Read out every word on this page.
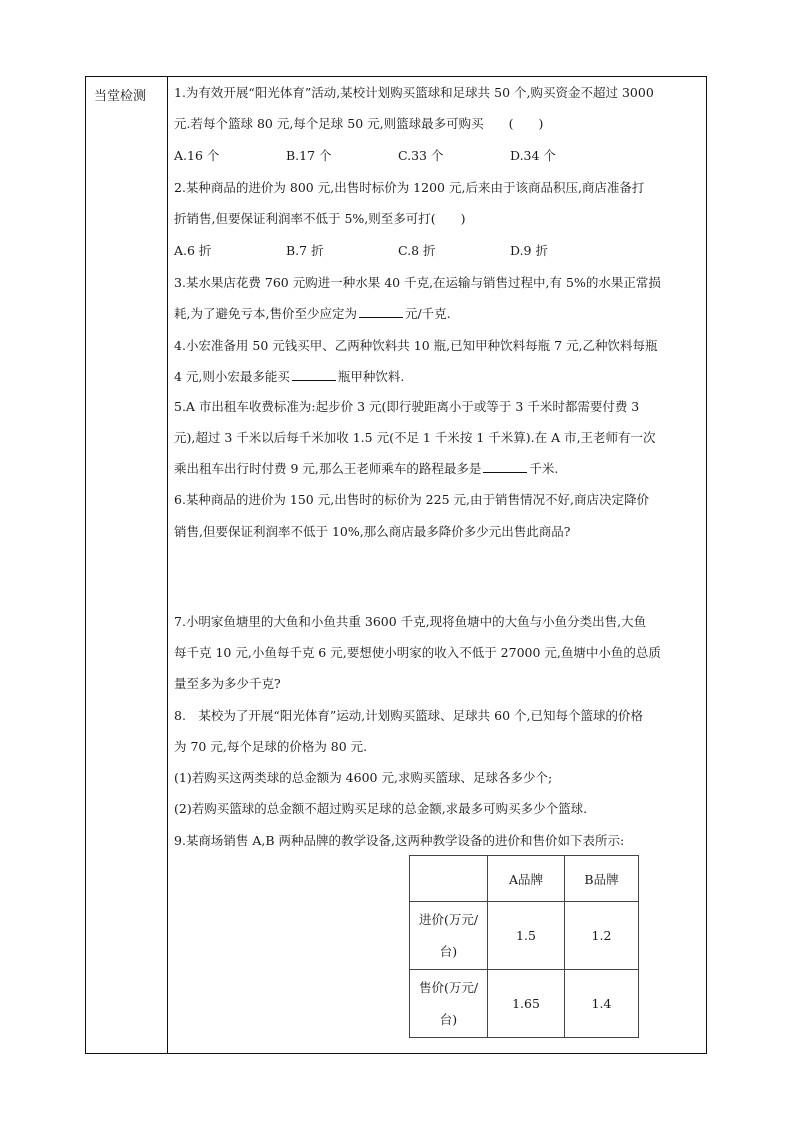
当堂检测 1.为有效开展“阳光体育”活动,某校计划购买篮球和足球共 50 个,购买资金不超过 3000
元.若每个篮球 80 元,每个足球 50 元,则篮球最多可购买　　(　　)
A.16 个	B.17 个	C.33 个	D.34 个
2.某种商品的进价为 800 元,出售时标价为 1200 元,后来由于该商品积压,商店准备打
折销售,但要保证利润率不低于 5%,则至多可打(　　)
A.6 折	B.7 折	C.8 折	D.9 折
3.某水果店花费 760 元购进一种水果 40 千克,在运输与销售过程中,有 5%的水果正常损
耗,为了避免亏本,售价至少应定为	元/千克.
4.小宏准备用 50 元钱买甲、乙两种饮料共 10 瓶,已知甲种饮料每瓶 7 元,乙种饮料每瓶
4 元,则小宏最多能买	瓶甲种饮料.
5.A 市出租车收费标准为:起步价 3 元(即行驶距离小于或等于 3 千米时都需要付费 3
元),超过 3 千米以后每千米加收 1.5 元(不足 1 千米按 1 千米算).在 A 市,王老师有一次
乘出租车出行时付费 9 元,那么王老师乘车的路程最多是	千米.
6.某种商品的进价为 150 元,出售时的标价为 225 元,由于销售情况不好,商店决定降价
销售,但要保证利润率不低于 10%,那么商店最多降价多少元出售此商品?
7.小明家鱼塘里的大鱼和小鱼共重 3600 千克,现将鱼塘中的大鱼与小鱼分类出售,大鱼
每千克 10 元,小鱼每千克 6 元,要想使小明家的收入不低于 27000 元,鱼塘中小鱼的总质
量至多为多少千克?
8.　某校为了开展“阳光体育”运动,计划购买篮球、足球共 60 个,已知每个篮球的价格
为 70 元,每个足球的价格为 80 元.
(1)若购买这两类球的总金额为 4600 元,求购买篮球、足球各多少个;
(2)若购买篮球的总金额不超过购买足球的总金额,求最多可购买多少个篮球.
9.某商场销售 A,B 两种品牌的教学设备,这两种教学设备的进价和售价如下表所示:
	A品牌	B品牌

进价(万元/
台)	1.5	1.2

售价(万元/
台)	1.65	1.4
